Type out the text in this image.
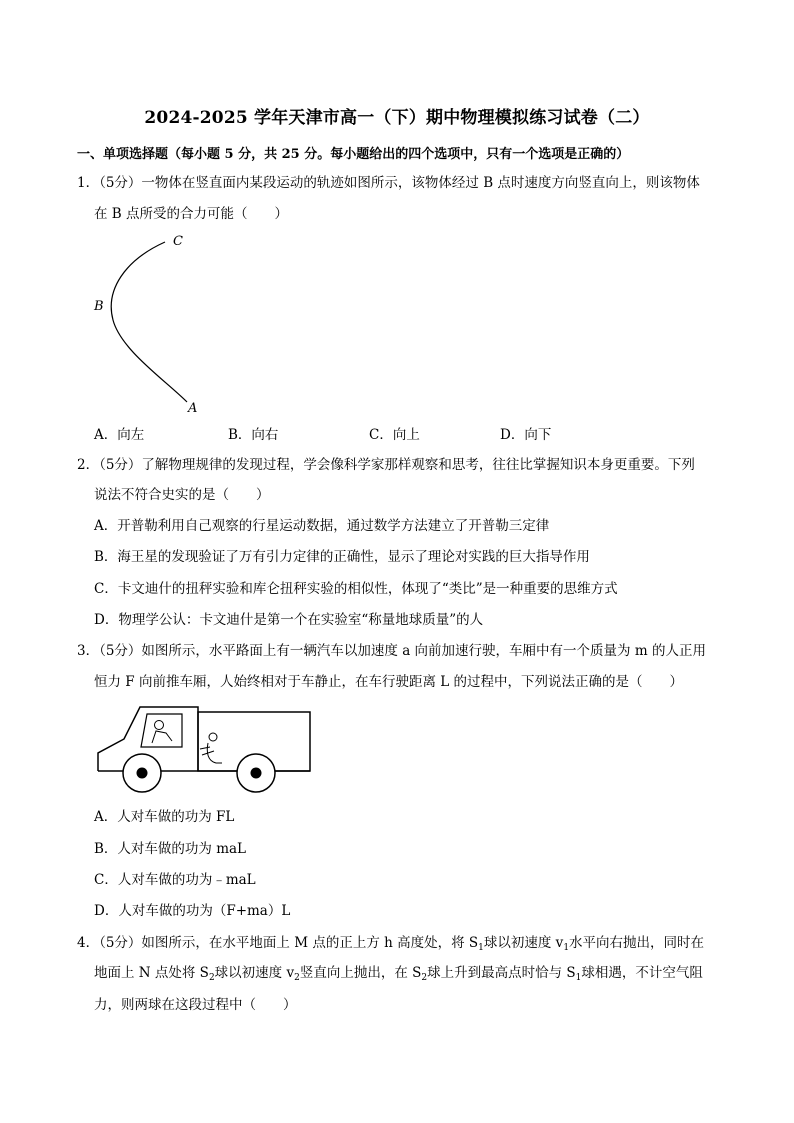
2024-2025 学年天津市高一（下）期中物理模拟练习试卷（二）
一、单项选择题（每小题 5 分，共 25 分。每小题给出的四个选项中，只有一个选项是正确的）
1．（5分）一物体在竖直面内某段运动的轨迹如图所示，该物体经过 B 点时速度方向竖直向上，则该物体
在 B 点所受的合力可能（　　）
C
B
A
A．向左	B．向右	C．向上	D．向下
2．（5分）了解物理规律的发现过程，学会像科学家那样观察和思考，往往比掌握知识本身更重要。下列
说法不符合史实的是（　　）
A．开普勒利用自己观察的行星运动数据，通过数学方法建立了开普勒三定律
B．海王星的发现验证了万有引力定律的正确性，显示了理论对实践的巨大指导作用
C．卡文迪什的扭秤实验和库仑扭秤实验的相似性，体现了“类比”是一种重要的思维方式
D．物理学公认：卡文迪什是第一个在实验室“称量地球质量”的人
3．（5分）如图所示，水平路面上有一辆汽车以加速度 a 向前加速行驶，车厢中有一个质量为 m 的人正用
恒力 F 向前推车厢，人始终相对于车静止，在车行驶距离 L 的过程中，下列说法正确的是（　　）
A．人对车做的功为 FL
B．人对车做的功为 maL
C．人对车做的功为﹣maL
D．人对车做的功为（F+ma）L
4．（5分）如图所示，在水平地面上 M 点的正上方 h 高度处，将 $S_1$球以初速度 $v_1$水平向右抛出，同时在
地面上 N 点处将 $S_2$球以初速度 $v_2$竖直向上抛出，在 $S_2$球上升到最高点时恰与 $S_1$球相遇，不计空气阻
力，则两球在这段过程中（　　）
